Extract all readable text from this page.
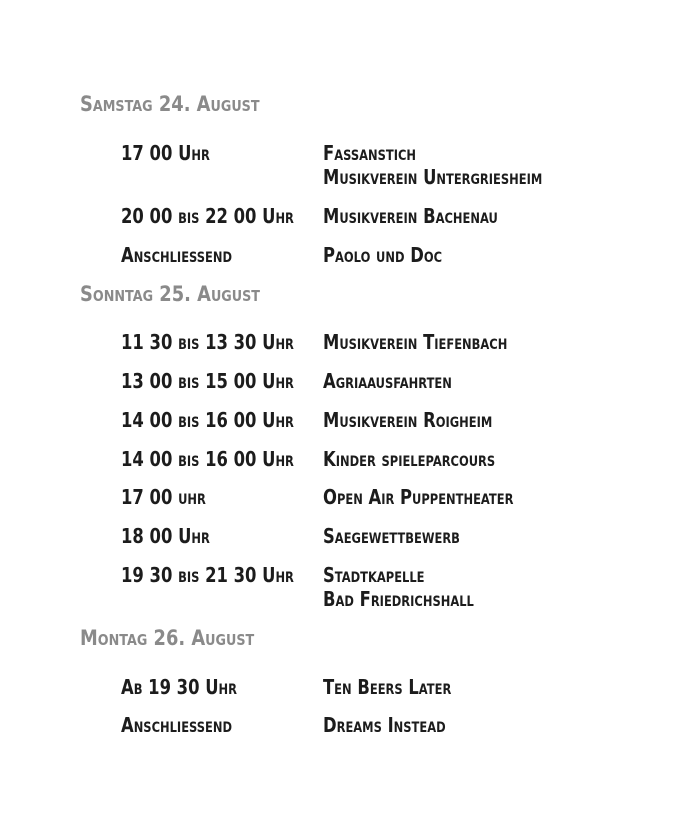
Samstag 24. August
17 00 Uhr	Fassanstich
Musikverein Untergriesheim
20 00 bis 22 00 Uhr Musikverein Bachenau
Anschliessend	Paolo und Doc
Sonntag 25. August
11 30 bis 13 30 Uhr Musikverein Tiefenbach
13 00 bis 15 00 Uhr Agriaausfahrten
14 00 bis 16 00 Uhr Musikverein Roigheim
14 00 bis 16 00 Uhr Kinder spieleparcours
17 00 uhr	Open Air Puppentheater
18 00 Uhr	Saegewettbewerb
19 30 bis 21 30 Uhr Stadtkapelle
Bad Friedrichshall
Montag 26. August
Ab 19 30 Uhr	Ten Beers Later
Anschliessend	Dreams Instead
